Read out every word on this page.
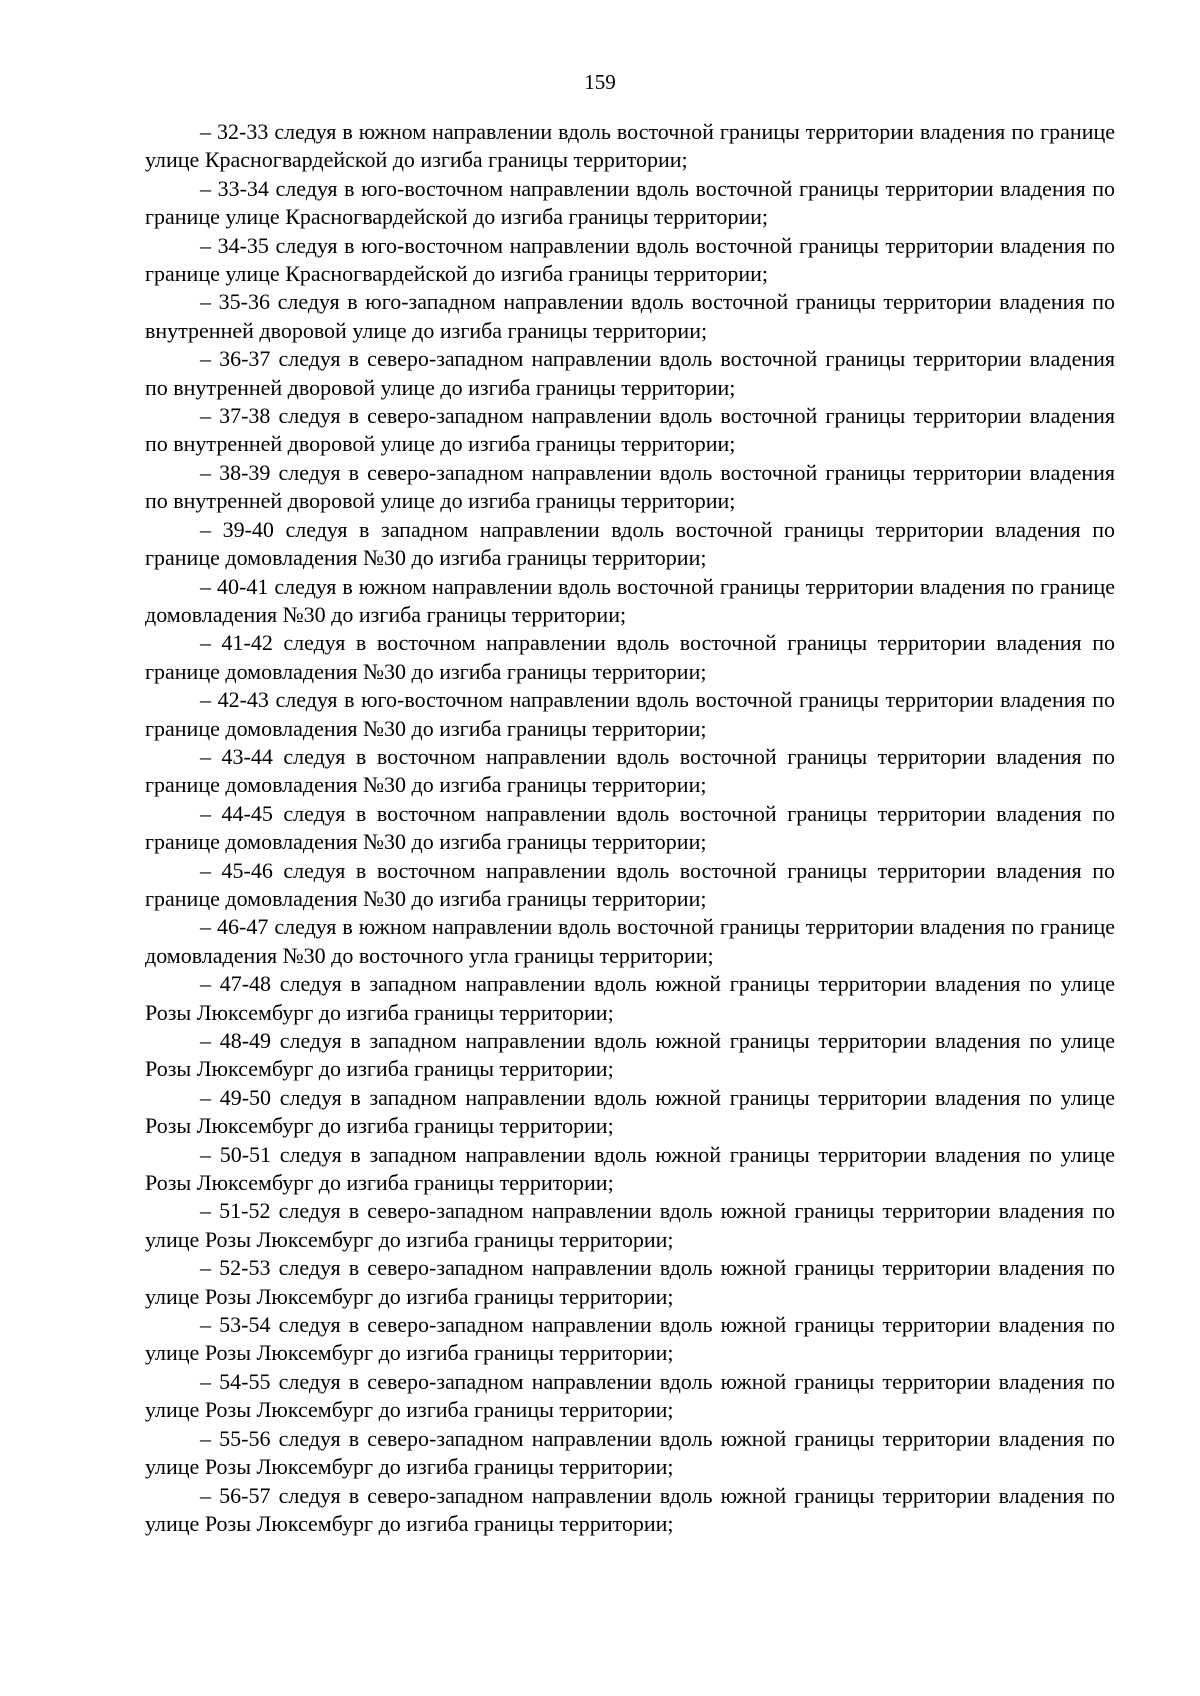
159

– 32-33 следуя в южном направлении вдоль восточной границы территории владения по границе улице Красногвардейской до изгиба границы территории;

– 33-34 следуя в юго-восточном направлении вдоль восточной границы территории владения по границе улице Красногвардейской до изгиба границы территории;

– 34-35 следуя в юго-восточном направлении вдоль восточной границы территории владения по границе улице Красногвардейской до изгиба границы территории;

– 35-36 следуя в юго-западном направлении вдоль восточной границы территории владения по внутренней дворовой улице до изгиба границы территории;

– 36-37 следуя в северо-западном направлении вдоль восточной границы территории владения по внутренней дворовой улице до изгиба границы территории;

– 37-38 следуя в северо-западном направлении вдоль восточной границы территории владения по внутренней дворовой улице до изгиба границы территории;

– 38-39 следуя в северо-западном направлении вдоль восточной границы территории владения по внутренней дворовой улице до изгиба границы территории;

– 39-40 следуя в западном направлении вдоль восточной границы территории владения по границе домовладения №30 до изгиба границы территории;

– 40-41 следуя в южном направлении вдоль восточной границы территории владения по границе домовладения №30 до изгиба границы территории;

– 41-42 следуя в восточном направлении вдоль восточной границы территории владения по границе домовладения №30 до изгиба границы территории;

– 42-43 следуя в юго-восточном направлении вдоль восточной границы территории владения по границе домовладения №30 до изгиба границы территории;

– 43-44 следуя в восточном направлении вдоль восточной границы территории владения по границе домовладения №30 до изгиба границы территории;

– 44-45 следуя в восточном направлении вдоль восточной границы территории владения по границе домовладения №30 до изгиба границы территории;

– 45-46 следуя в восточном направлении вдоль восточной границы территории владения по границе домовладения №30 до изгиба границы территории;

– 46-47 следуя в южном направлении вдоль восточной границы территории владения по границе домовладения №30 до восточного угла границы территории;

– 47-48 следуя в западном направлении вдоль южной границы территории владения по улице Розы Люксембург до изгиба границы территории;

– 48-49 следуя в западном направлении вдоль южной границы территории владения по улице Розы Люксембург до изгиба границы территории;

– 49-50 следуя в западном направлении вдоль южной границы территории владения по улице Розы Люксембург до изгиба границы территории;

– 50-51 следуя в западном направлении вдоль южной границы территории владения по улице Розы Люксембург до изгиба границы территории;

– 51-52 следуя в северо-западном направлении вдоль южной границы территории владения по улице Розы Люксембург до изгиба границы территории;

– 52-53 следуя в северо-западном направлении вдоль южной границы территории владения по улице Розы Люксембург до изгиба границы территории;

– 53-54 следуя в северо-западном направлении вдоль южной границы территории владения по улице Розы Люксембург до изгиба границы территории;

– 54-55 следуя в северо-западном направлении вдоль южной границы территории владения по улице Розы Люксембург до изгиба границы территории;

– 55-56 следуя в северо-западном направлении вдоль южной границы территории владения по улице Розы Люксембург до изгиба границы территории;

– 56-57 следуя в северо-западном направлении вдоль южной границы территории владения по улице Розы Люксембург до изгиба границы территории;
